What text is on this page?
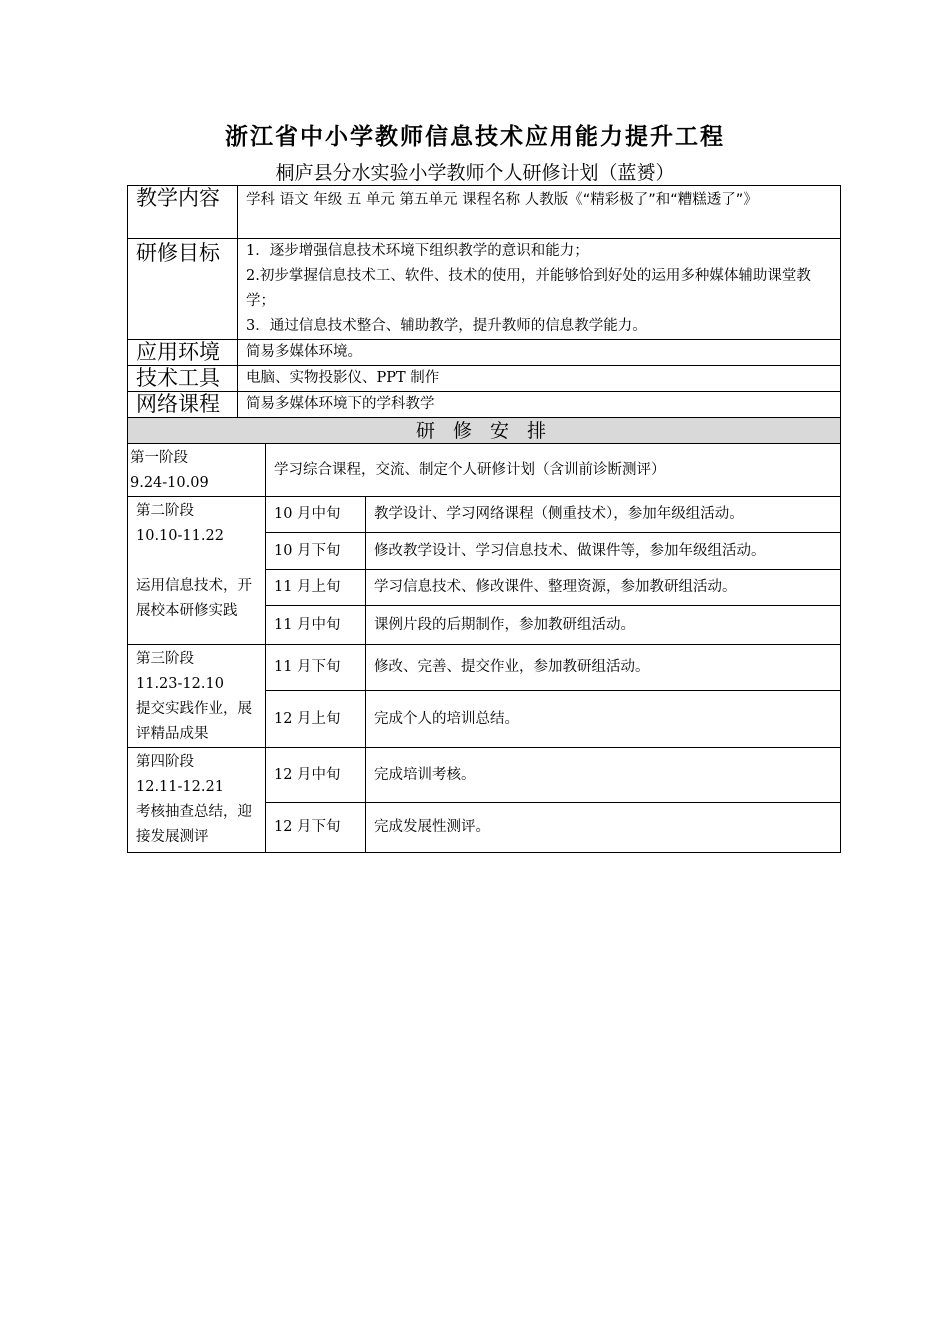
浙江省中小学教师信息技术应用能力提升工程
桐庐县分水实验小学教师个人研修计划（蓝赟）
教学内容	学科 语文 年级 五 单元 第五单元 课程名称 人教版《“精彩极了”和“糟糕透了”》		
研修目标	1．逐步增强信息技术环境下组织教学的意识和能力；
2.初步掌握信息技术工、软件、技术的使用，并能够恰到好处的运用多种媒体辅助课堂教学；
3．通过信息技术整合、辅助教学，提升教师的信息教学能力。		

应用环境	简易多媒体环境。		
技术工具	电脑、实物投影仪、PPT 制作		
网络课程	简易多媒体环境下的学科教学		
研 修 安 排			

第一阶段
9.24-10.09		学习综合课程，交流、制定个人研修计划（含训前诊断测评）	

第二阶段
10.10-11.22
运用信息技术，开展校本研修实践		10 月中旬	教学设计、学习网络课程（侧重技术），参加年级组活动。
		10 月下旬	修改教学设计、学习信息技术、做课件等，参加年级组活动。
		11 月上旬	学习信息技术、修改课件、整理资源，参加教研组活动。
		11 月中旬	课例片段的后期制作，参加教研组活动。

第三阶段
11.23-12.10
提交实践作业，展评精品成果		11 月下旬	修改、完善、提交作业，参加教研组活动。
		12 月上旬	完成个人的培训总结。

第四阶段
12.11-12.21
考核抽查总结，迎接发展测评		12 月中旬	完成培训考核。
		12 月下旬	完成发展性测评。
